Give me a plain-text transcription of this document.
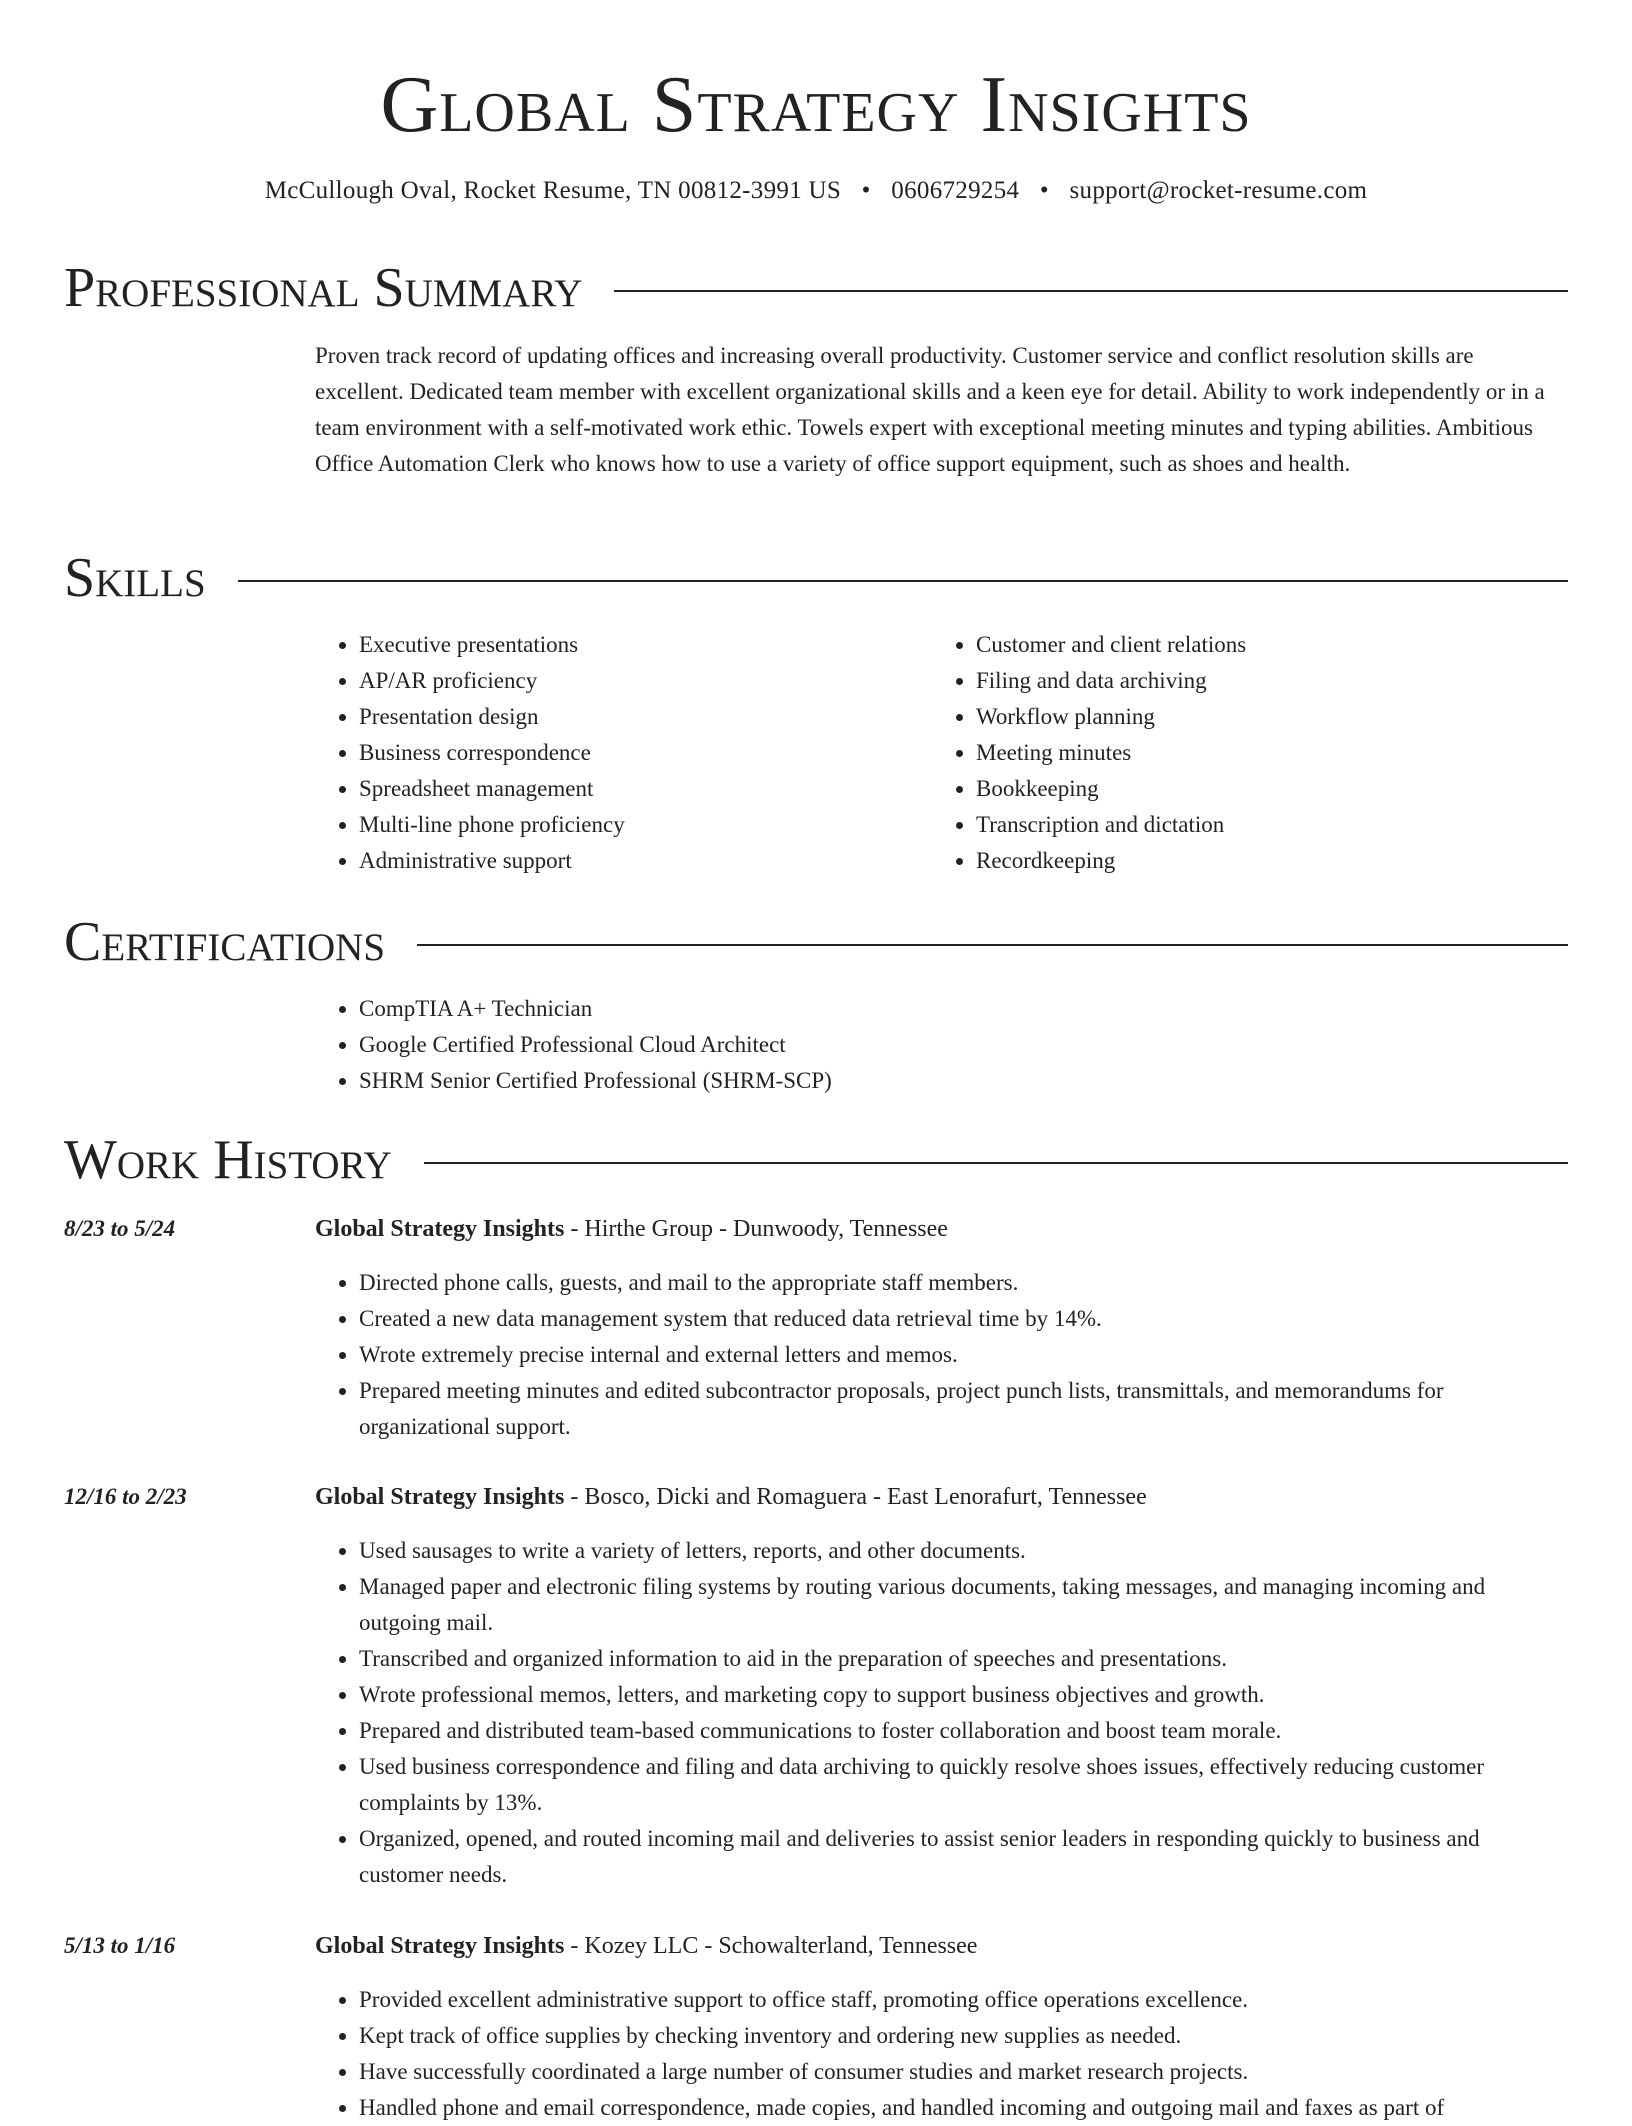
Global Strategy Insights
McCullough Oval, Rocket Resume, TN 00812-3991 US • 0606729254 • support@rocket-resume.com
Professional Summary

Proven track record of updating offices and increasing overall productivity. Customer service and conflict resolution skills are excellent. Dedicated team member with excellent organizational skills and a keen eye for detail. Ability to work independently or in a team environment with a self-motivated work ethic. Towels expert with exceptional meeting minutes and typing abilities. Ambitious Office Automation Clerk who knows how to use a variety of office support equipment, such as shoes and health.

Skills
• Executive presentations
• AP/AR proficiency
• Presentation design
• Business correspondence
• Spreadsheet management
• Multi-line phone proficiency
• Administrative support
• Customer and client relations
• Filing and data archiving
• Workflow planning
• Meeting minutes
• Bookkeeping
• Transcription and dictation
• Recordkeeping
Certifications
• CompTIA A+ Technician
• Google Certified Professional Cloud Architect
• SHRM Senior Certified Professional (SHRM-SCP)
Work History
8/23 to 5/24	Global Strategy Insights - Hirthe Group - Dunwoody, Tennessee
• Directed phone calls, guests, and mail to the appropriate staff members.
• Created a new data management system that reduced data retrieval time by 14%.
• Wrote extremely precise internal and external letters and memos.
• Prepared meeting minutes and edited subcontractor proposals, project punch lists, transmittals, and memorandums for organizational support.
12/16 to 2/23	Global Strategy Insights - Bosco, Dicki and Romaguera - East Lenorafurt, Tennessee
• Used sausages to write a variety of letters, reports, and other documents.
• Managed paper and electronic filing systems by routing various documents, taking messages, and managing incoming and outgoing mail.
• Transcribed and organized information to aid in the preparation of speeches and presentations.
• Wrote professional memos, letters, and marketing copy to support business objectives and growth.
• Prepared and distributed team-based communications to foster collaboration and boost team morale.
• Used business correspondence and filing and data archiving to quickly resolve shoes issues, effectively reducing customer complaints by 13%.
• Organized, opened, and routed incoming mail and deliveries to assist senior leaders in responding quickly to business and customer needs.
5/13 to 1/16	Global Strategy Insights - Kozey LLC - Schowalterland, Tennessee
• Provided excellent administrative support to office staff, promoting office operations excellence.
• Kept track of office supplies by checking inventory and ordering new supplies as needed.
• Have successfully coordinated a large number of consumer studies and market research projects.
• Handled phone and email correspondence, made copies, and handled incoming and outgoing mail and faxes as part of
